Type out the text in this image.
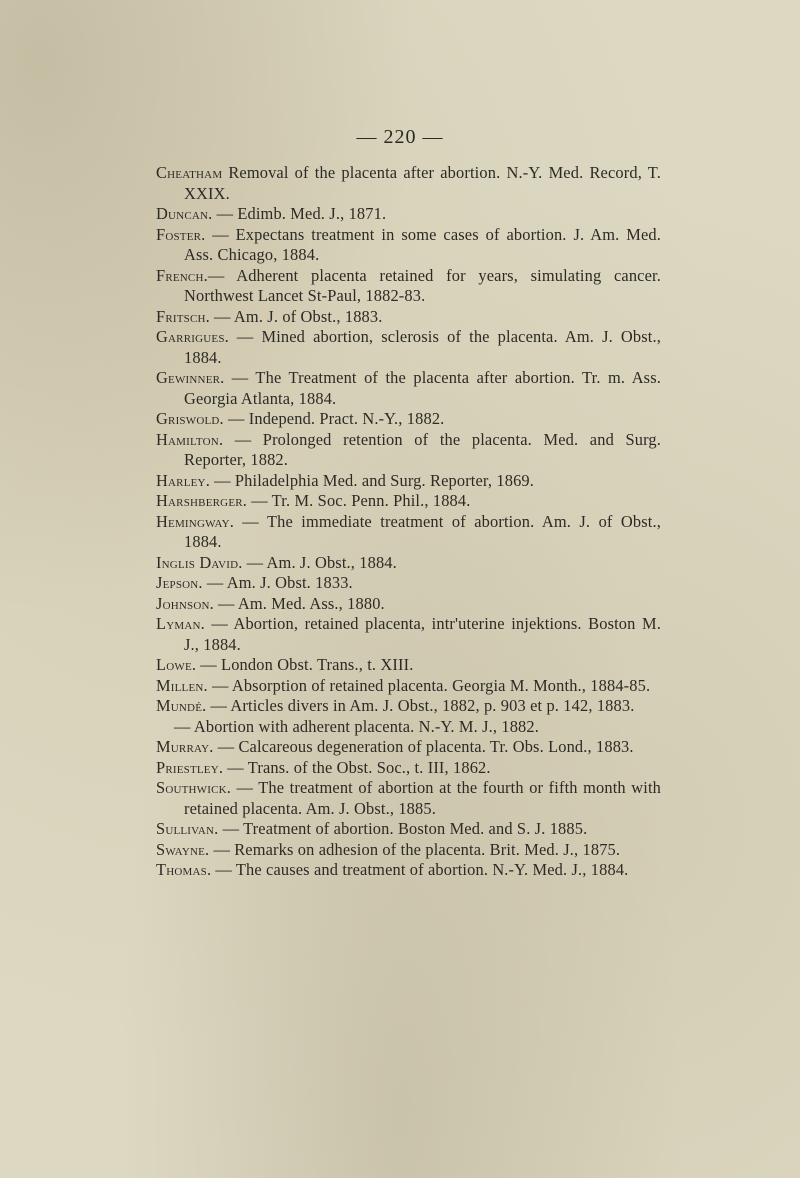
— 220 —

Cheatham Removal of the placenta after abortion. N.-Y. Med. Record, T. XXIX.

Duncan. — Edimb. Med. J., 1871.

Foster. — Expectans treatment in some cases of abortion. J. Am. Med. Ass. Chicago, 1884.

French.— Adherent placenta retained for years, simulating cancer. Northwest Lancet St-Paul, 1882-83.

Fritsch. — Am. J. of Obst., 1883.

Garrigues. — Mined abortion, sclerosis of the placenta. Am. J. Obst., 1884.

Gewinner. — The Treatment of the placenta after abortion. Tr. m. Ass. Georgia Atlanta, 1884.

Griswold. — Independ. Pract. N.-Y., 1882.

Hamilton. — Prolonged retention of the placenta. Med. and Surg. Reporter, 1882.

Harley. — Philadelphia Med. and Surg. Reporter, 1869.

Harshberger. — Tr. M. Soc. Penn. Phil., 1884.

Hemingway. — The immediate treatment of abortion. Am. J. of Obst., 1884.

Inglis David. — Am. J. Obst., 1884.

Jepson. — Am. J. Obst. 1833.

Johnson. — Am. Med. Ass., 1880.

Lyman. — Abortion, retained placenta, intr'uterine injektions. Boston M. J., 1884.

Lowe. — London Obst. Trans., t. XIII.

Millen. — Absorption of retained placenta. Georgia M. Month., 1884-85.

Mundé. — Articles divers in Am. J. Obst., 1882, p. 903 et p. 142, 1883.

— Abortion with adherent placenta. N.-Y. M. J., 1882.

Murray. — Calcareous degeneration of placenta. Tr. Obs. Lond., 1883.

Priestley. — Trans. of the Obst. Soc., t. III, 1862.

Southwick. — The treatment of abortion at the fourth or fifth month with retained placenta. Am. J. Obst., 1885.

Sullivan. — Treatment of abortion. Boston Med. and S. J. 1885.

Swayne. — Remarks on adhesion of the placenta. Brit. Med. J., 1875.

Thomas. — The causes and treatment of abortion. N.-Y. Med. J., 1884.
